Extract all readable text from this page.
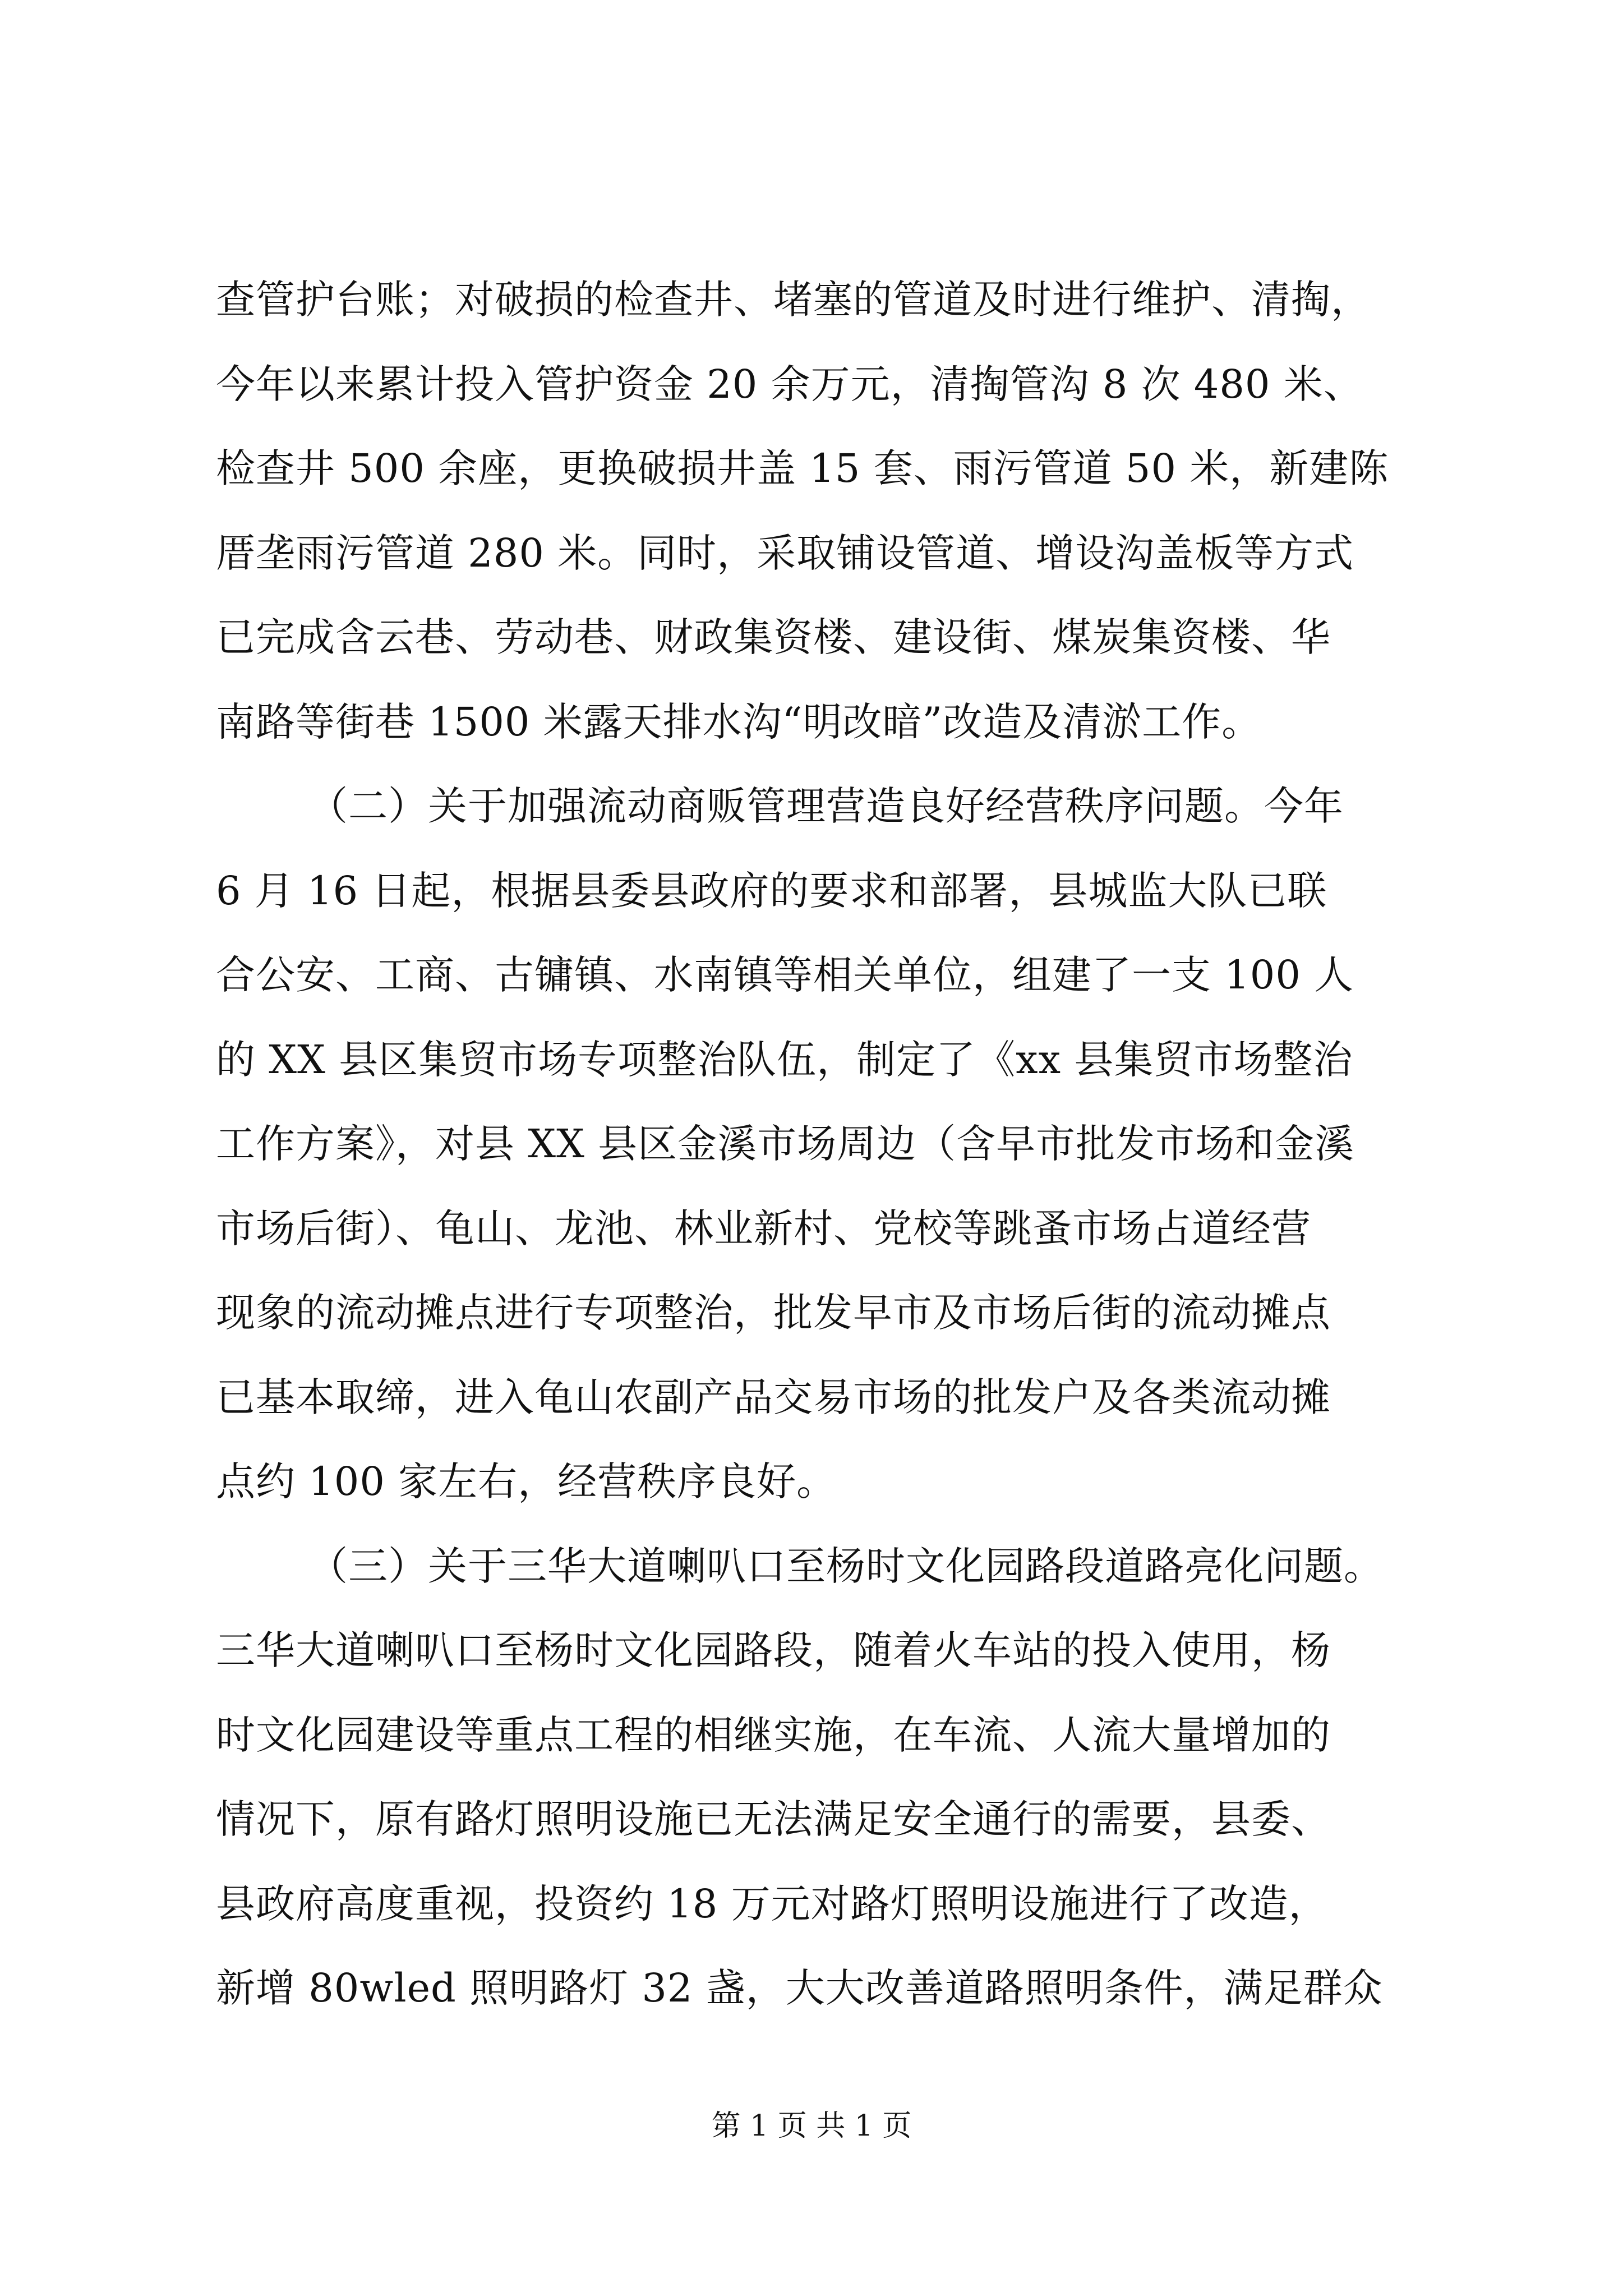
查管护台账；对破损的检查井、堵塞的管道及时进行维护、清掏，
今年以来累计投入管护资金 20 余万元，清掏管沟 8 次 480 米、
检查井 500 余座，更换破损井盖 15 套、雨污管道 50 米，新建陈
厝垄雨污管道 280 米。同时，采取铺设管道、增设沟盖板等方式
已完成含云巷、劳动巷、财政集资楼、建设街、煤炭集资楼、华
南路等街巷 1500 米露天排水沟“明改暗”改造及清淤工作。
（二）关于加强流动商贩管理营造良好经营秩序问题。今年
6 月 16 日起，根据县委县政府的要求和部署，县城监大队已联
合公安、工商、古镛镇、水南镇等相关单位，组建了一支 100 人
的 XX 县区集贸市场专项整治队伍，制定了《xx 县集贸市场整治
工作方案》，对县 XX 县区金溪市场周边（含早市批发市场和金溪
市场后街）、龟山、龙池、林业新村、党校等跳蚤市场占道经营
现象的流动摊点进行专项整治，批发早市及市场后街的流动摊点
已基本取缔，进入龟山农副产品交易市场的批发户及各类流动摊
点约 100 家左右，经营秩序良好。
（三）关于三华大道喇叭口至杨时文化园路段道路亮化问题。
三华大道喇叭口至杨时文化园路段，随着火车站的投入使用，杨
时文化园建设等重点工程的相继实施，在车流、人流大量增加的
情况下，原有路灯照明设施已无法满足安全通行的需要，县委、
县政府高度重视，投资约 18 万元对路灯照明设施进行了改造，
新增 80wled 照明路灯 32 盏，大大改善道路照明条件，满足群众
第 1 页 共 1 页
